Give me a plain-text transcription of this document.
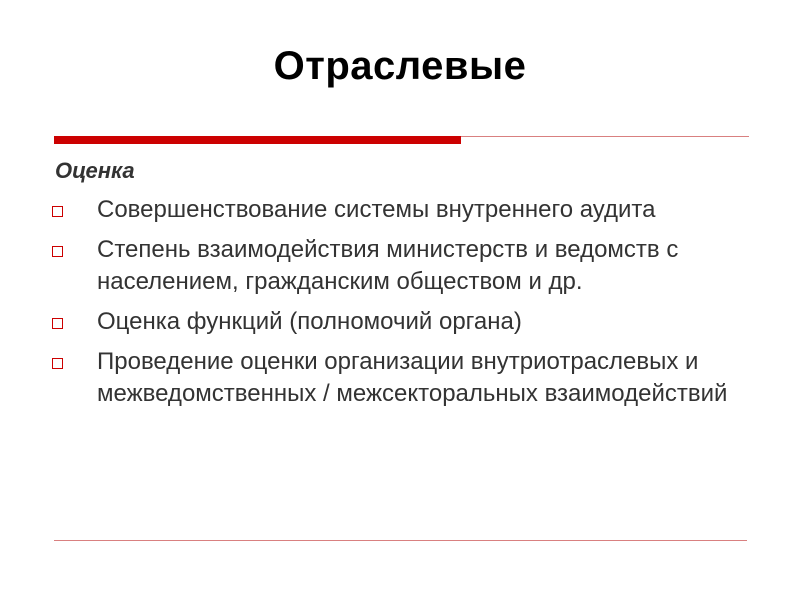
Отраслевые
Оценка
Совершенствование системы внутреннего аудита
Степень взаимодействия министерств и ведомств с населением, гражданским обществом и др.
Оценка функций (полномочий органа)
Проведение оценки организации внутриотраслевых и межведомственных / межсекторальных взаимодействий
